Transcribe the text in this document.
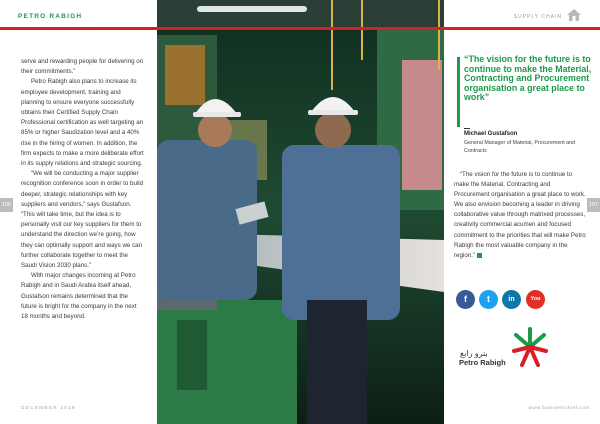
PETRO RABIGH	SUPPLY CHAIN

serve and rewarding people for delivering on their commitments.”

Petro Rabigh also plans to increase its employee development, training and planning to ensure everyone successfully obtains their Certified Supply Chain Professional certification as well targeting an 85% or higher Saudization level and a 40% rise in the hiring of women. In addition, the firm expects to make a more deliberate effort in its supply relations and strategic sourcing.

“We will be conducting a major supplier recognition conference soon in order to build deeper, strategic relationships with key suppliers and vendors,” says Gustafson. “This will take time, but the idea is to personally visit our key suppliers for them to understand the direction we’re going, how they can optimally support and ways we can further collaborate together to meet the Saudi Vision 2030 plans.”

With major changes incoming at Petro Rabigh and in Saudi Arabia itself ahead, Gustafson remains determined that the future is bright for the company in the next 18 months and beyond.

106	107
“The vision for the future is to continue to make the Material, Contracting and Procurement organisation a great place to work”
Michael Gustafson
General Manager of Material, Procurement and Contracts

“The vision for the future is to continue to make the Material, Contracting and Procurement organisation a great place to work. We also envision becoming a leader in driving collaborative value through matrixed processes, creativity commercial acumen and focused commitment to the priorities that will make Petro Rabigh the most valuable company in the region.”

f	t	in	You
بترو رابغ
Petro Rabigh
DECEMBER 2018	www.businesschief.com
